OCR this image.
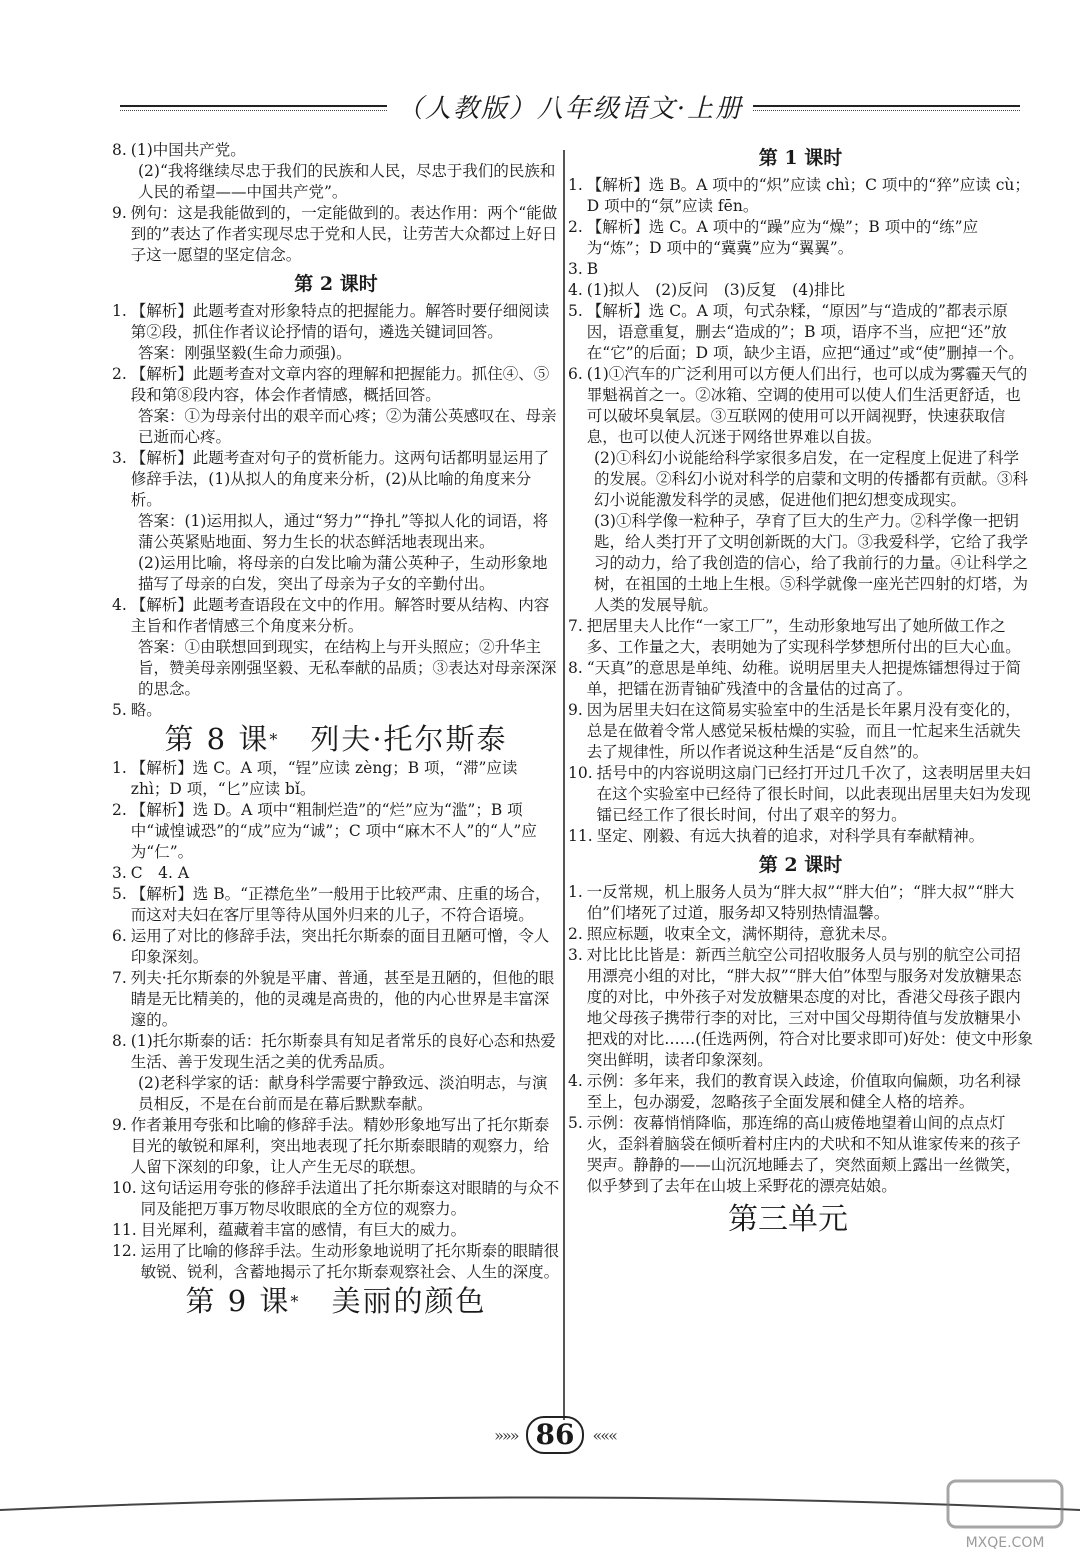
（人教版）八年级语文·上册
8. (1)中国共产党。
(2)“我将继续尽忠于我们的民族和人民，尽忠于我们的民族和人民的希望——中国共产党”。
9. 例句：这是我能做到的，一定能做到的。表达作用：两个“能做到的”表达了作者实现尽忠于党和人民，让劳苦大众都过上好日子这一愿望的坚定信念。
第 2 课时
1. 【解析】此题考查对形象特点的把握能力。解答时要仔细阅读第②段，抓住作者议论抒情的语句，遴选关键词回答。
答案：刚强坚毅(生命力顽强)。
2. 【解析】此题考查对文章内容的理解和把握能力。抓住④、⑤段和第⑧段内容，体会作者情感，概括回答。
答案：①为母亲付出的艰辛而心疼；②为蒲公英感叹在、母亲已逝而心疼。
3. 【解析】此题考查对句子的赏析能力。这两句话都明显运用了修辞手法，(1)从拟人的角度来分析，(2)从比喻的角度来分析。
答案：(1)运用拟人，通过“努力”“挣扎”等拟人化的词语，将蒲公英紧贴地面、努力生长的状态鲜活地表现出来。
(2)运用比喻，将母亲的白发比喻为蒲公英种子，生动形象地描写了母亲的白发，突出了母亲为子女的辛勤付出。
4. 【解析】此题考查语段在文中的作用。解答时要从结构、内容主旨和作者情感三个角度来分析。
答案：①由联想回到现实，在结构上与开头照应；②升华主旨，赞美母亲刚强坚毅、无私奉献的品质；③表达对母亲深深的思念。
5. 略。
第 8 课*　 列夫·托尔斯泰
1. 【解析】选 C。A 项，“锃”应读 zèng；B 项，“滞”应读 zhì；D 项，“匕”应读 bǐ。
2. 【解析】选 D。A 项中“粗制烂造”的“烂”应为“滥”；B 项中“诚惶诚恐”的“成”应为“诚”；C 项中“麻木不人”的“人”应为“仁”。
3. C　4. A
5. 【解析】选 B。“正襟危坐”一般用于比较严肃、庄重的场合，而这对夫妇在客厅里等待从国外归来的儿子，不符合语境。
6. 运用了对比的修辞手法，突出托尔斯泰的面目丑陋可憎，令人印象深刻。
7. 列夫·托尔斯泰的外貌是平庸、普通，甚至是丑陋的，但他的眼睛是无比精美的，他的灵魂是高贵的，他的内心世界是丰富深邃的。
8. (1)托尔斯泰的话：托尔斯泰具有知足者常乐的良好心态和热爱生活、善于发现生活之美的优秀品质。
(2)老科学家的话：献身科学需要宁静致远、淡泊明志，与演员相反，不是在台前而是在幕后默默奉献。
9. 作者兼用夸张和比喻的修辞手法。精妙形象地写出了托尔斯泰目光的敏锐和犀利，突出地表现了托尔斯泰眼睛的观察力，给人留下深刻的印象，让人产生无尽的联想。
10. 这句话运用夸张的修辞手法道出了托尔斯泰这对眼睛的与众不同及能把万事万物尽收眼底的全方位的观察力。
11. 目光犀利，蕴藏着丰富的感情，有巨大的威力。
12. 运用了比喻的修辞手法。生动形象地说明了托尔斯泰的眼睛很敏锐、锐利，含蓄地揭示了托尔斯泰观察社会、人生的深度。
第 9 课*　 美丽的颜色
第 1 课时
1. 【解析】选 B。A 项中的“炽”应读 chì；C 项中的“猝”应读 cù；D 项中的“氛”应读 fēn。
2. 【解析】选 C。A 项中的“躁”应为“燥”；B 项中的“练”应为“炼”；D 项中的“冀冀”应为“翼翼”。
3. B
4. (1)拟人　(2)反问　(3)反复　(4)排比
5. 【解析】选 C。A 项，句式杂糅，“原因”与“造成的”都表示原因，语意重复，删去“造成的”；B 项，语序不当，应把“还”放在“它”的后面；D 项，缺少主语，应把“通过”或“使”删掉一个。
6. (1)①汽车的广泛利用可以方便人们出行，也可以成为雾霾天气的罪魁祸首之一。②冰箱、空调的使用可以使人们生活更舒适，也可以破坏臭氧层。③互联网的使用可以开阔视野，快速获取信息，也可以使人沉迷于网络世界难以自拔。
(2)①科幻小说能给科学家很多启发，在一定程度上促进了科学的发展。②科幻小说对科学的启蒙和文明的传播都有贡献。③科幻小说能激发科学的灵感，促进他们把幻想变成现实。
(3)①科学像一粒种子，孕育了巨大的生产力。②科学像一把钥匙，给人类打开了文明创新既的大门。③我爱科学，它给了我学习的动力，给了我创造的信心，给了我前行的力量。④让科学之树，在祖国的土地上生根。⑤科学就像一座光芒四射的灯塔，为人类的发展导航。
7. 把居里夫人比作“一家工厂”，生动形象地写出了她所做工作之多、工作量之大，表明她为了实现科学梦想所付出的巨大心血。
8. “天真”的意思是单纯、幼稚。说明居里夫人把提炼镭想得过于简单，把镭在沥青铀矿残渣中的含量估的过高了。
9. 因为居里夫妇在这简易实验室中的生活是长年累月没有变化的，总是在做着令常人感觉呆板枯燥的实验，而且一忙起来生活就失去了规律性，所以作者说这种生活是“反自然”的。
10. 括号中的内容说明这扇门已经打开过几千次了，这表明居里夫妇在这个实验室中已经待了很长时间，以此表现出居里夫妇为发现镭已经工作了很长时间，付出了艰辛的努力。
11. 坚定、刚毅、有远大执着的追求，对科学具有奉献精神。
第 2 课时
1. 一反常规，机上服务人员为“胖大叔”“胖大伯”；“胖大叔”“胖大伯”们堵死了过道，服务却又特别热情温馨。
2. 照应标题，收束全文，满怀期待，意犹未尽。
3. 对比比比皆是：新西兰航空公司招收服务人员与别的航空公司招用漂亮小组的对比，“胖大叔”“胖大伯”体型与服务对发放糖果态度的对比，中外孩子对发放糖果态度的对比，香港父母孩子跟内地父母孩子携带行李的对比，三对中国父母期待值与发放糖果小把戏的对比……(任选两例，符合对比要求即可)好处：使文中形象突出鲜明，读者印象深刻。
4. 示例：多年来，我们的教育误入歧途，价值取向偏颇，功名利禄至上，包办溺爱，忽略孩子全面发展和健全人格的培养。
5. 示例：夜幕悄悄降临，那连绵的高山疲倦地望着山间的点点灯火，歪斜着脑袋在倾听着村庄内的犬吠和不知从谁家传来的孩子哭声。静静的——山沉沉地睡去了，突然面颊上露出一丝微笑，似乎梦到了去年在山坡上采野花的漂亮姑娘。
第三单元
»»» 86	«««
MXQE.COM
